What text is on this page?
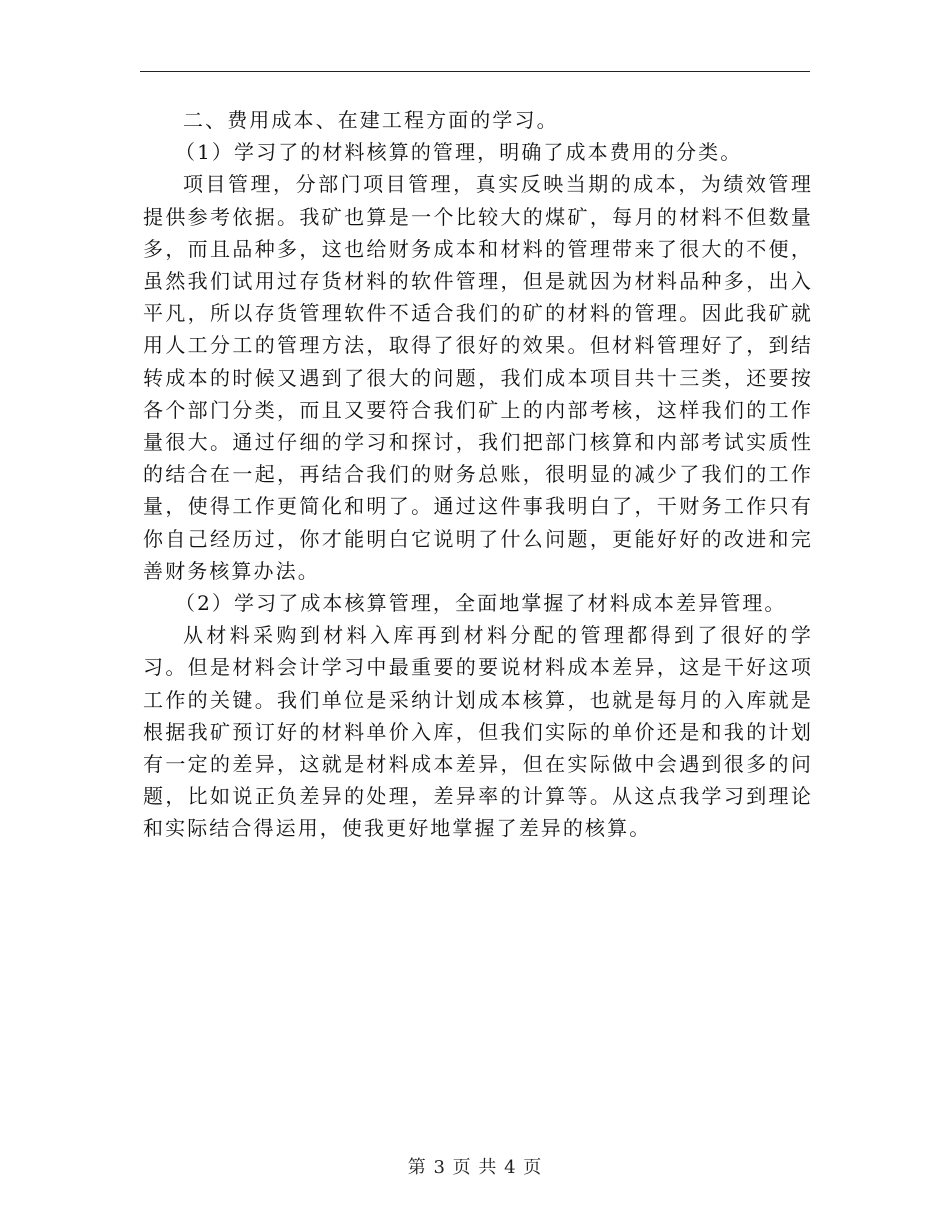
二、费用成本、在建工程方面的学习。

（1）学习了的材料核算的管理，明确了成本费用的分类。

项目管理，分部门项目管理，真实反映当期的成本，为绩效管理提供参考依据。我矿也算是一个比较大的煤矿，每月的材料不但数量多，而且品种多，这也给财务成本和材料的管理带来了很大的不便，虽然我们试用过存货材料的软件管理，但是就因为材料品种多，出入平凡，所以存货管理软件不适合我们的矿的材料的管理。因此我矿就用人工分工的管理方法，取得了很好的效果。但材料管理好了，到结转成本的时候又遇到了很大的问题，我们成本项目共十三类，还要按各个部门分类，而且又要符合我们矿上的内部考核，这样我们的工作量很大。通过仔细的学习和探讨，我们把部门核算和内部考试实质性的结合在一起，再结合我们的财务总账，很明显的减少了我们的工作量，使得工作更简化和明了。通过这件事我明白了，干财务工作只有你自己经历过，你才能明白它说明了什么问题，更能好好的改进和完善财务核算办法。

（2）学习了成本核算管理，全面地掌握了材料成本差异管理。

从材料采购到材料入库再到材料分配的管理都得到了很好的学习。但是材料会计学习中最重要的要说材料成本差异，这是干好这项工作的关键。我们单位是采纳计划成本核算，也就是每月的入库就是根据我矿预订好的材料单价入库，但我们实际的单价还是和我的计划有一定的差异，这就是材料成本差异，但在实际做中会遇到很多的问题，比如说正负差异的处理，差异率的计算等。从这点我学习到理论和实际结合得运用，使我更好地掌握了差异的核算。

第 3 页 共 4 页
